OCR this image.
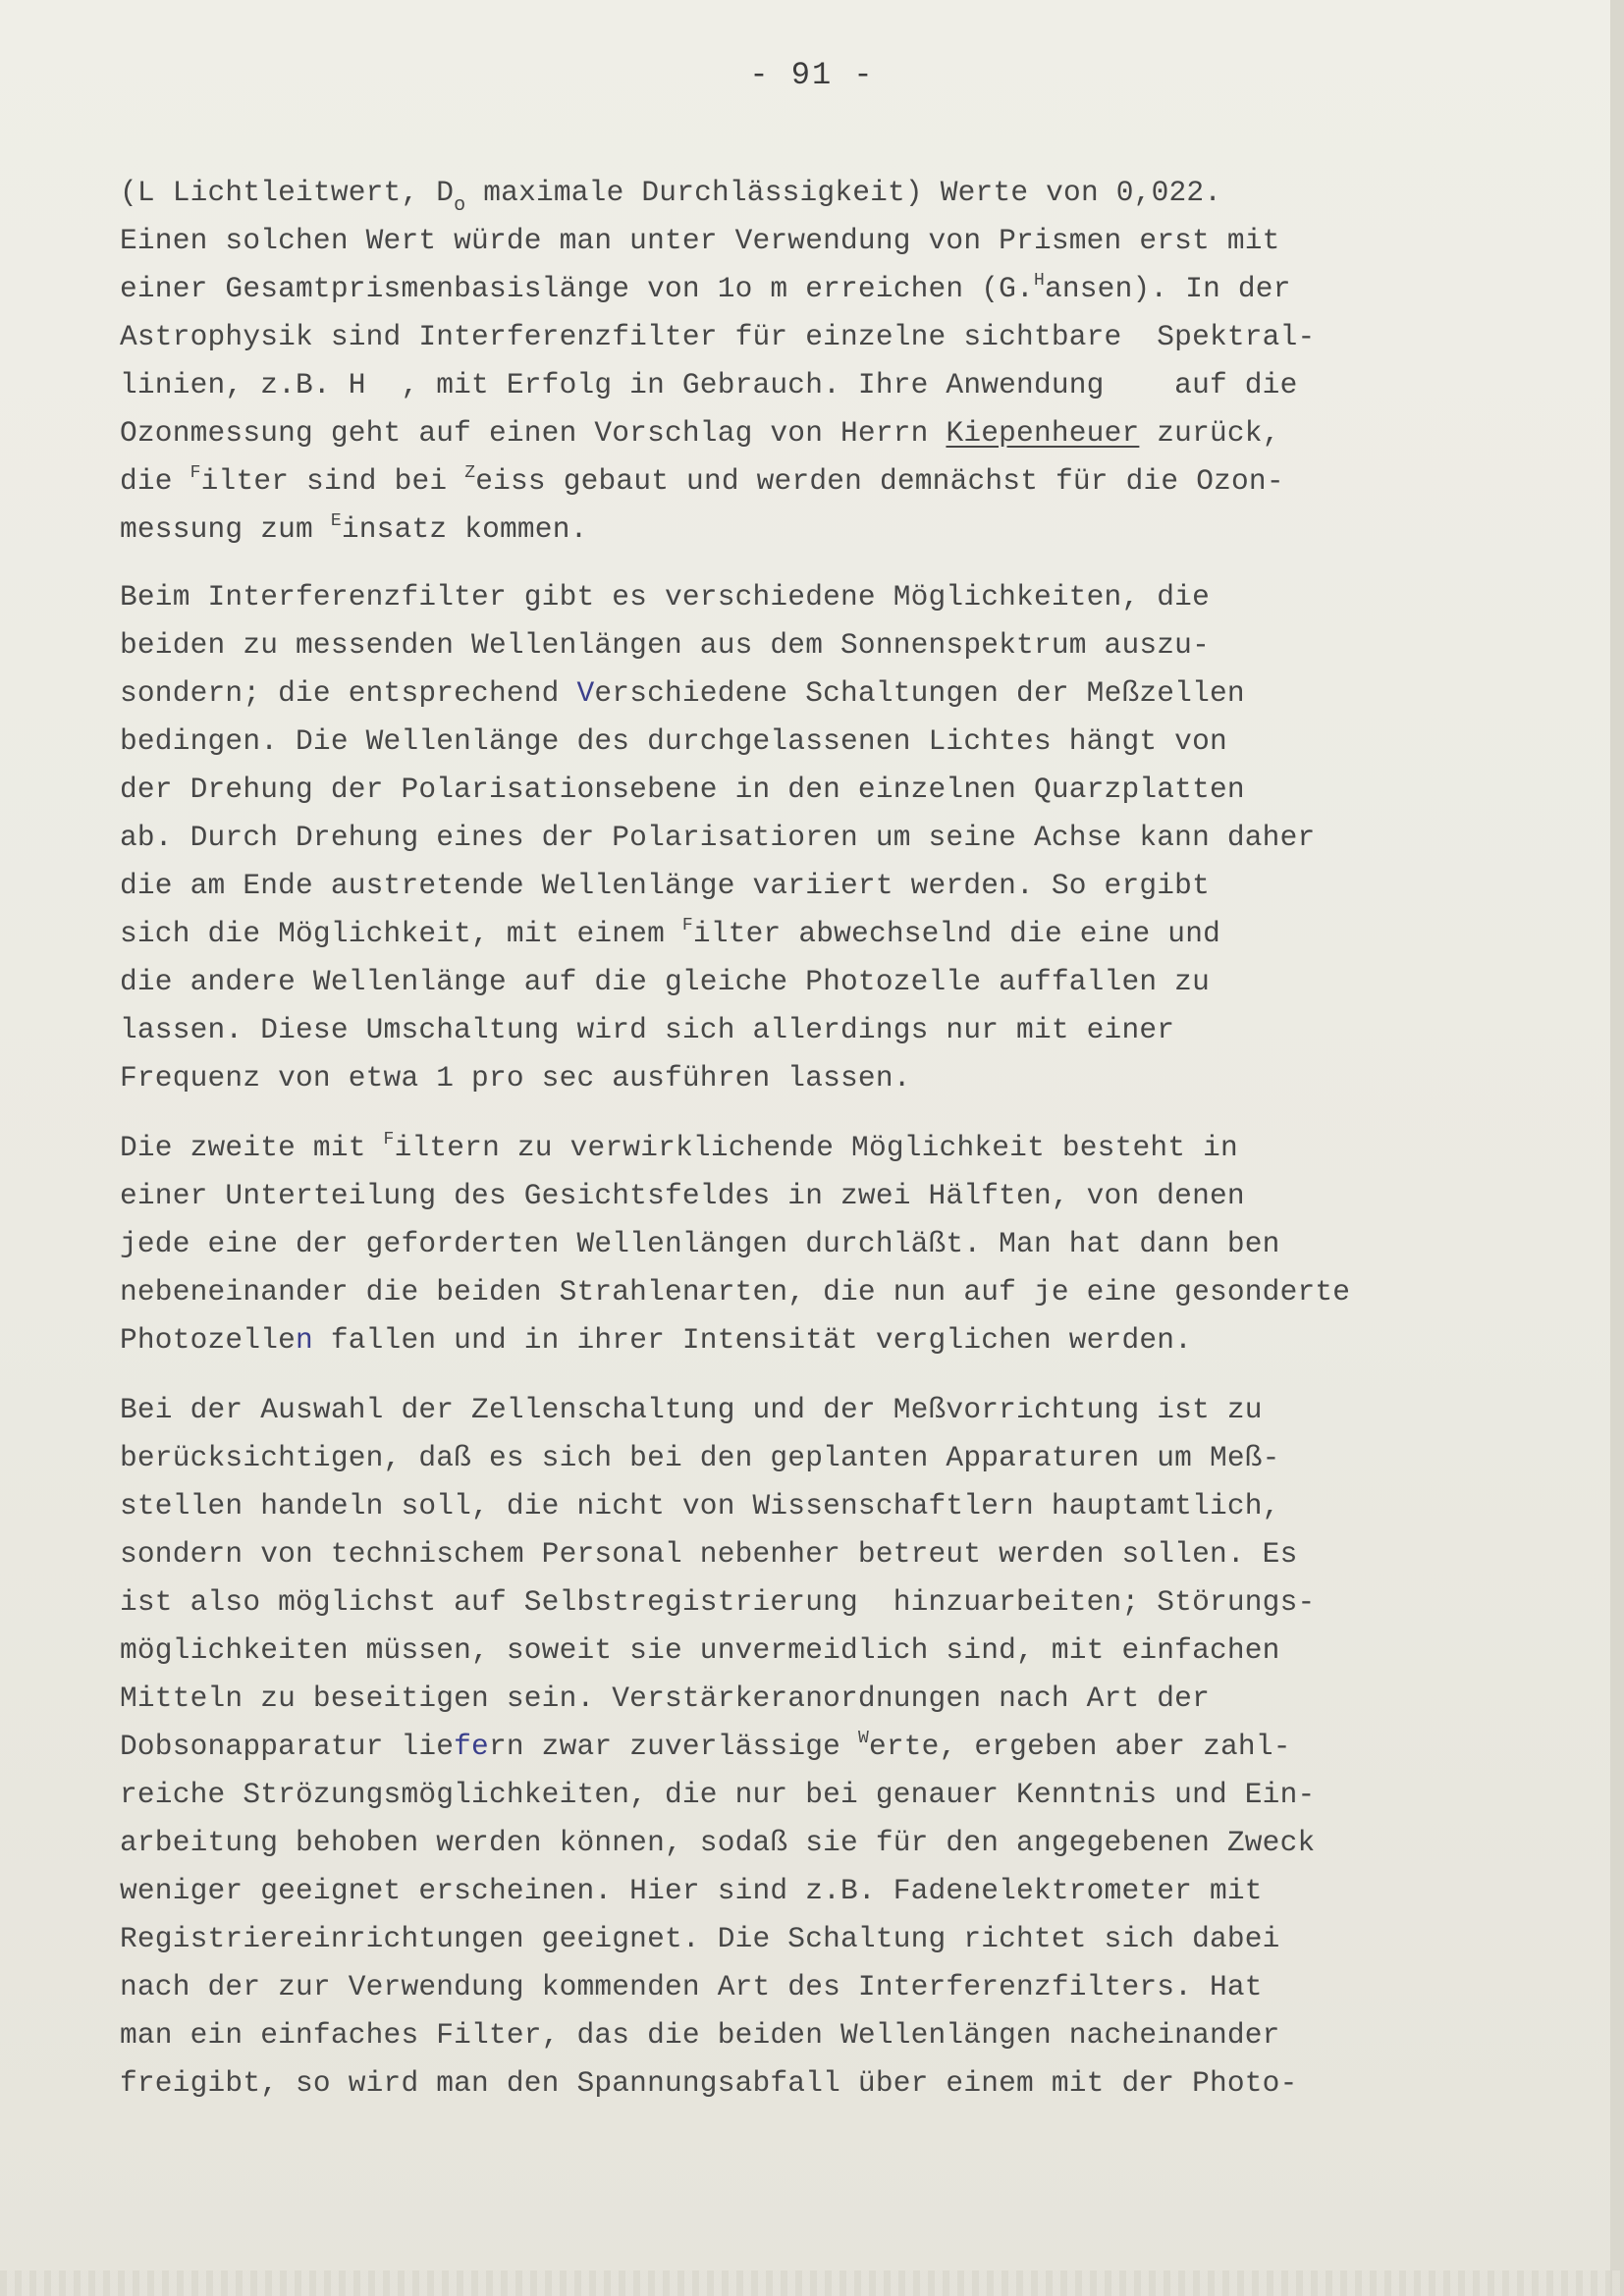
- 91 -
(L Lichtleitwert, $D_o$ maximale Durchlässigkeit) Werte von 0,022.
Einen solchen Wert würde man unter Verwendung von Prismen erst mit
einer Gesamtprismenbasislänge von 1o m erreichen (G.$^H$ansen). In der
Astrophysik sind Interferenzfilter für einzelne sichtbare  Spektral-
linien, z.B. H  , mit Erfolg in Gebrauch. Ihre Anwendung    auf die
Ozonmessung geht auf einen Vorschlag von Herrn Kiepenheuer zurück,
die $^F$ilter sind bei $^Z$eiss gebaut und werden demnächst für die Ozon-
messung zum $^E$insatz kommen.
Beim Interferenzfilter gibt es verschiedene Möglichkeiten, die
beiden zu messenden Wellenlängen aus dem Sonnenspektrum auszu-
sondern; die entsprechend Verschiedene Schaltungen der Meßzellen
bedingen. Die Wellenlänge des durchgelassenen Lichtes hängt von
der Drehung der Polarisationsebene in den einzelnen Quarzplatten
ab. Durch Drehung eines der Polarisatioren um seine Achse kann daher
die am Ende austretende Wellenlänge variiert werden. So ergibt
sich die Möglichkeit, mit einem $^F$ilter abwechselnd die eine und
die andere Wellenlänge auf die gleiche Photozelle auffallen zu
lassen. Diese Umschaltung wird sich allerdings nur mit einer
Frequenz von etwa 1 pro sec ausführen lassen.
Die zweite mit $^F$iltern zu verwirklichende Möglichkeit besteht in
einer Unterteilung des Gesichtsfeldes in zwei Hälften, von denen
jede eine der geforderten Wellenlängen durchläßt. Man hat dann ben
nebeneinander die beiden Strahlenarten, die nun auf je eine gesonderte
Photozellen fallen und in ihrer Intensität verglichen werden.
Bei der Auswahl der Zellenschaltung und der Meßvorrichtung ist zu
berücksichtigen, daß es sich bei den geplanten Apparaturen um Meß-
stellen handeln soll, die nicht von Wissenschaftlern hauptamtlich,
sondern von technischem Personal nebenher betreut werden sollen. Es
ist also möglichst auf Selbstregistrierung  hinzuarbeiten; Störungs-
möglichkeiten müssen, soweit sie unvermeidlich sind, mit einfachen
Mitteln zu beseitigen sein. Verstärkeranordnungen nach Art der
Dobsonapparatur liefern zwar zuverlässige $^W$erte, ergeben aber zahl-
reiche Strözungsmöglichkeiten, die nur bei genauer Kenntnis und Ein-
arbeitung behoben werden können, sodaß sie für den angegebenen Zweck
weniger geeignet erscheinen. Hier sind z.B. Fadenelektrometer mit
Registriereinrichtungen geeignet. Die Schaltung richtet sich dabei
nach der zur Verwendung kommenden Art des Interferenzfilters. Hat
man ein einfaches Filter, das die beiden Wellenlängen nacheinander
freigibt, so wird man den Spannungsabfall über einem mit der Photo-
